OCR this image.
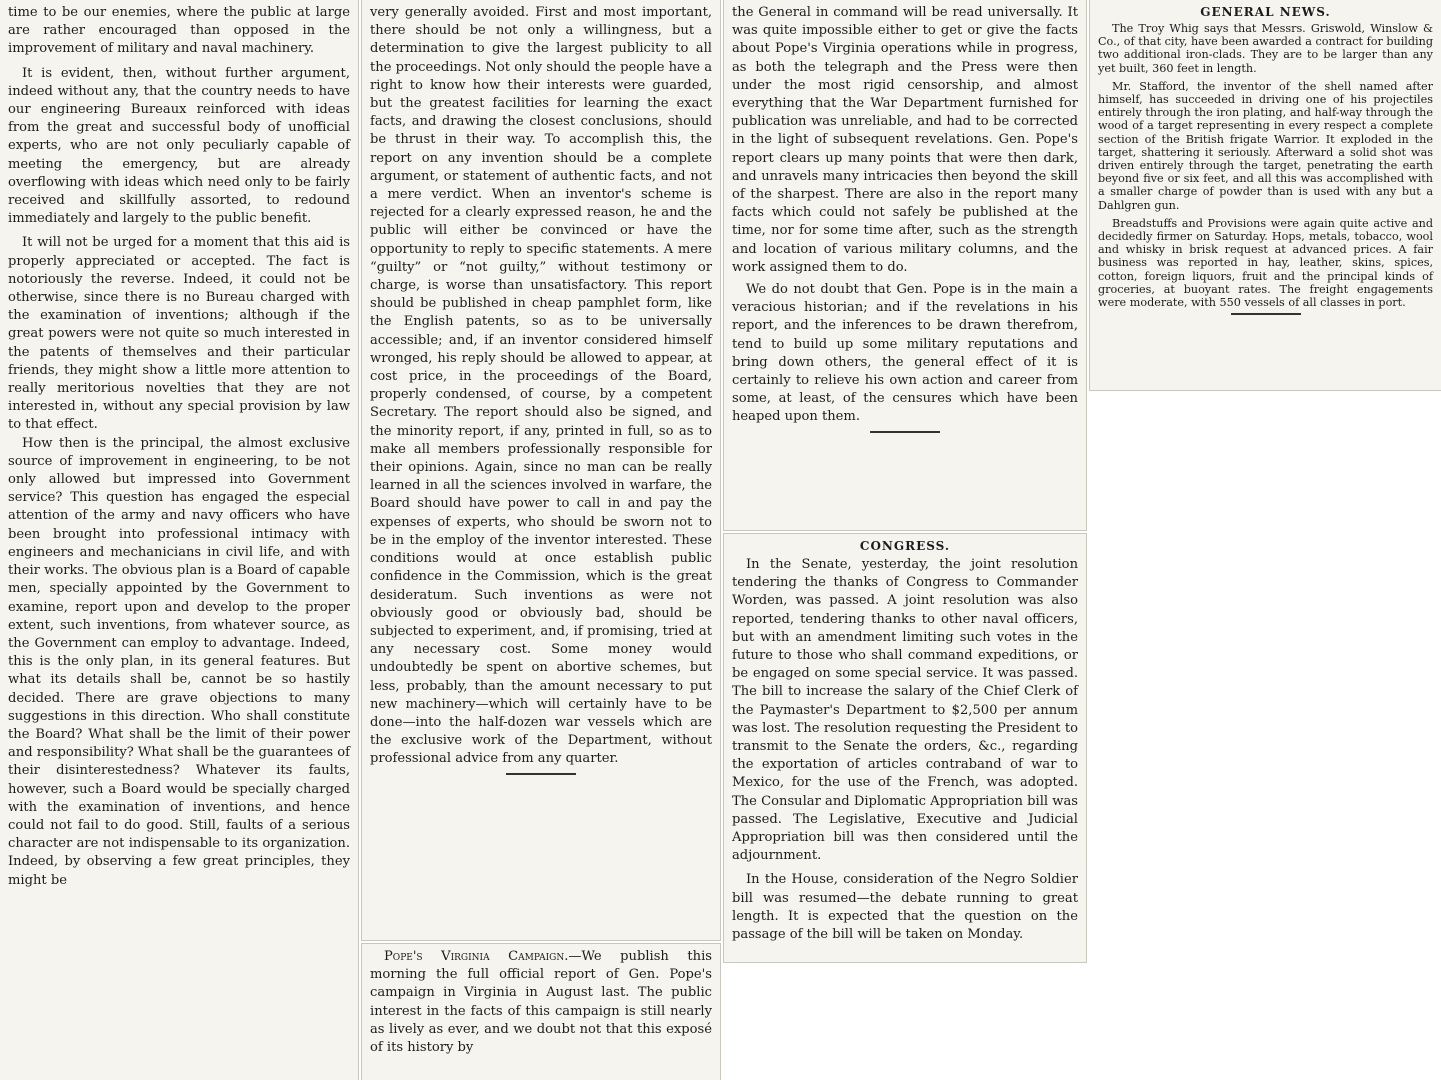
time to be our enemies, where the public at large are rather encouraged than opposed in the improvement of military and naval machinery.

It is evident, then, without further argument, indeed without any, that the country needs to have our engineering Bureaux reinforced with ideas from the great and successful body of unofficial experts, who are not only peculiarly capable of meeting the emergency, but are already overflowing with ideas which need only to be fairly received and skillfully assorted, to redound immediately and largely to the public benefit.

It will not be urged for a moment that this aid is properly appreciated or accepted. The fact is notoriously the reverse. Indeed, it could not be otherwise, since there is no Bureau charged with the examination of inventions; although if the great powers were not quite so much interested in the patents of themselves and their particular friends, they might show a little more attention to really meritorious novelties that they are not interested in, without any special provision by law to that effect.

How then is the principal, the almost exclusive source of improvement in engineering, to be not only allowed but impressed into Government service? This question has engaged the especial attention of the army and navy officers who have been brought into professional intimacy with engineers and mechanicians in civil life, and with their works. The obvious plan is a Board of capable men, specially appointed by the Government to examine, report upon and develop to the proper extent, such inventions, from whatever source, as the Government can employ to advantage. Indeed, this is the only plan, in its general features. But what its details shall be, cannot be so hastily decided. There are grave objections to many suggestions in this direction. Who shall constitute the Board? What shall be the limit of their power and responsibility? What shall be the guarantees of their disinterestedness? Whatever its faults, however, such a Board would be specially charged with the examination of inventions, and hence could not fail to do good. Still, faults of a serious character are not indispensable to its organization. Indeed, by observing a few great principles, they might be

very generally avoided. First and most important, there should be not only a willingness, but a determination to give the largest publicity to all the proceedings. Not only should the people have a right to know how their interests were guarded, but the greatest facilities for learning the exact facts, and drawing the closest conclusions, should be thrust in their way. To accomplish this, the report on any invention should be a complete argument, or statement of authentic facts, and not a mere verdict. When an inventor's scheme is rejected for a clearly expressed reason, he and the public will either be convinced or have the opportunity to reply to specific statements. A mere “guilty” or “not guilty,” without testimony or charge, is worse than unsatisfactory. This report should be published in cheap pamphlet form, like the English patents, so as to be universally accessible; and, if an inventor considered himself wronged, his reply should be allowed to appear, at cost price, in the proceedings of the Board, properly condensed, of course, by a competent Secretary. The report should also be signed, and the minority report, if any, printed in full, so as to make all members professionally responsible for their opinions. Again, since no man can be really learned in all the sciences involved in warfare, the Board should have power to call in and pay the expenses of experts, who should be sworn not to be in the employ of the inventor interested. These conditions would at once establish public confidence in the Commission, which is the great desideratum. Such inventions as were not obviously good or obviously bad, should be subjected to experiment, and, if promising, tried at any necessary cost. Some money would undoubtedly be spent on abortive schemes, but less, probably, than the amount necessary to put new machinery—which will certainly have to be done—into the half-dozen war vessels which are the exclusive work of the Department, without professional advice from any quarter.

Pope's Virginia Campaign.—We publish this morning the full official report of Gen. Pope's campaign in Virginia in August last. The public interest in the facts of this campaign is still nearly as lively as ever, and we doubt not that this exposé of its history by

the General in command will be read universally. It was quite impossible either to get or give the facts about Pope's Virginia operations while in progress, as both the telegraph and the Press were then under the most rigid censorship, and almost everything that the War Department furnished for publication was unreliable, and had to be corrected in the light of subsequent revelations. Gen. Pope's report clears up many points that were then dark, and unravels many intricacies then beyond the skill of the sharpest. There are also in the report many facts which could not safely be published at the time, nor for some time after, such as the strength and location of various military columns, and the work assigned them to do.

We do not doubt that Gen. Pope is in the main a veracious historian; and if the revelations in his report, and the inferences to be drawn therefrom, tend to build up some military reputations and bring down others, the general effect of it is certainly to relieve his own action and career from some, at least, of the censures which have been heaped upon them.

CONGRESS.

In the Senate, yesterday, the joint resolution tendering the thanks of Congress to Commander Worden, was passed. A joint resolution was also reported, tendering thanks to other naval officers, but with an amendment limiting such votes in the future to those who shall command expeditions, or be engaged on some special service. It was passed. The bill to increase the salary of the Chief Clerk of the Paymaster's Department to $2,500 per annum was lost. The resolution requesting the President to transmit to the Senate the orders, &c., regarding the exportation of articles contraband of war to Mexico, for the use of the French, was adopted. The Consular and Diplomatic Appropriation bill was passed. The Legislative, Executive and Judicial Appropriation bill was then considered until the adjournment.

In the House, consideration of the Negro Soldier bill was resumed—the debate running to great length. It is expected that the question on the passage of the bill will be taken on Monday.

GENERAL NEWS.

The Troy Whig says that Messrs. Griswold, Winslow & Co., of that city, have been awarded a contract for building two additional iron-clads. They are to be larger than any yet built, 360 feet in length.

Mr. Stafford, the inventor of the shell named after himself, has succeeded in driving one of his projectiles entirely through the iron plating, and half-way through the wood of a target representing in every respect a complete section of the British frigate Warrior. It exploded in the target, shattering it seriously. Afterward a solid shot was driven entirely through the target, penetrating the earth beyond five or six feet, and all this was accomplished with a smaller charge of powder than is used with any but a Dahlgren gun.

Breadstuffs and Provisions were again quite active and decidedly firmer on Saturday. Hops, metals, tobacco, wool and whisky in brisk request at advanced prices. A fair business was reported in hay, leather, skins, spices, cotton, foreign liquors, fruit and the principal kinds of groceries, at buoyant rates. The freight engagements were moderate, with 550 vessels of all classes in port.
